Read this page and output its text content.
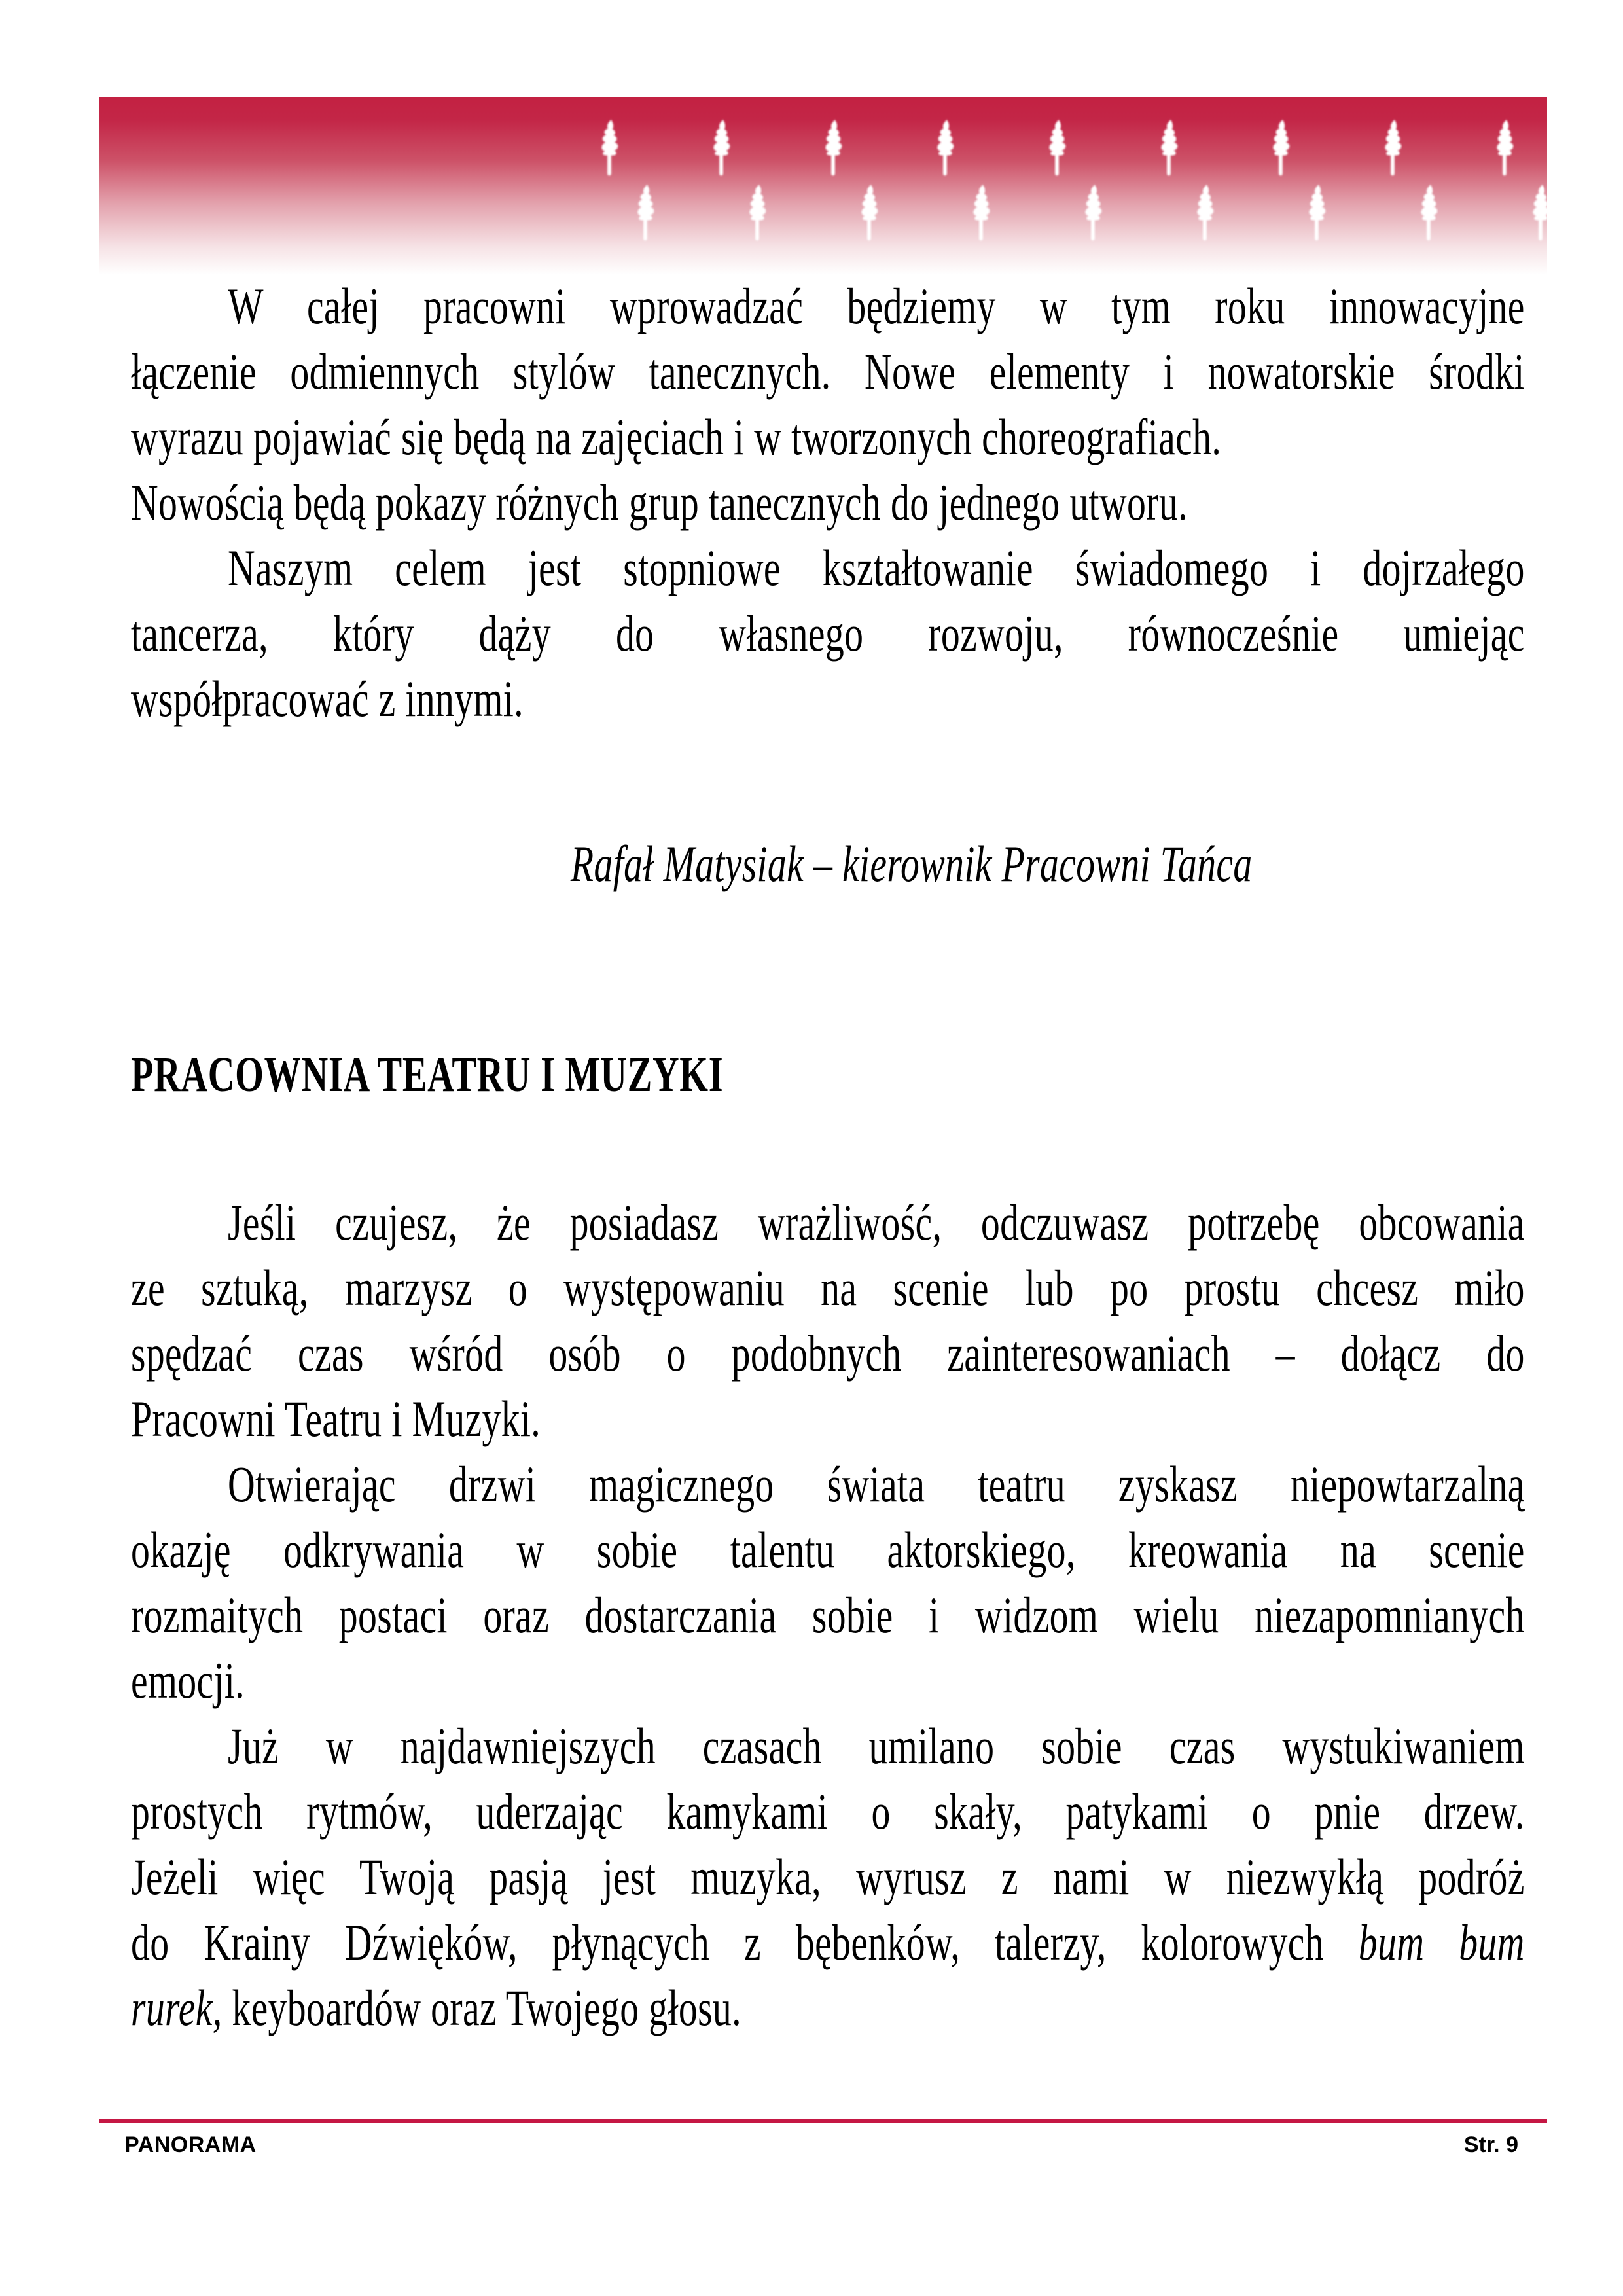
W całej pracowni wprowadzać będziemy w tym roku innowacyjne
łączenie odmiennych stylów tanecznych. Nowe elementy i nowatorskie środki
wyrazu pojawiać się będą na zajęciach i w tworzonych choreografiach.
Nowością będą pokazy różnych grup tanecznych do jednego utworu.
Naszym celem jest stopniowe kształtowanie świadomego i dojrzałego
tancerza, który dąży do własnego rozwoju, równocześnie umiejąc
współpracować z innymi.
Rafał Matysiak – kierownik Pracowni Tańca
PRACOWNIA TEATRU I MUZYKI
Jeśli czujesz, że posiadasz wrażliwość, odczuwasz potrzebę obcowania
ze sztuką, marzysz o występowaniu na scenie lub po prostu chcesz miło
spędzać czas wśród osób o podobnych zainteresowaniach – dołącz do
Pracowni Teatru i Muzyki.
Otwierając drzwi magicznego świata teatru zyskasz niepowtarzalną
okazję odkrywania w sobie talentu aktorskiego, kreowania na scenie
rozmaitych postaci oraz dostarczania sobie i widzom wielu niezapomnianych
emocji.
Już w najdawniejszych czasach umilano sobie czas wystukiwaniem
prostych rytmów, uderzając kamykami o skały, patykami o pnie drzew.
Jeżeli więc Twoją pasją jest muzyka, wyrusz z nami w niezwykłą podróż
do Krainy Dźwięków, płynących z bębenków, talerzy, kolorowych bum bum
rurek, keyboardów oraz Twojego głosu.
PANORAMA	Str. 9
